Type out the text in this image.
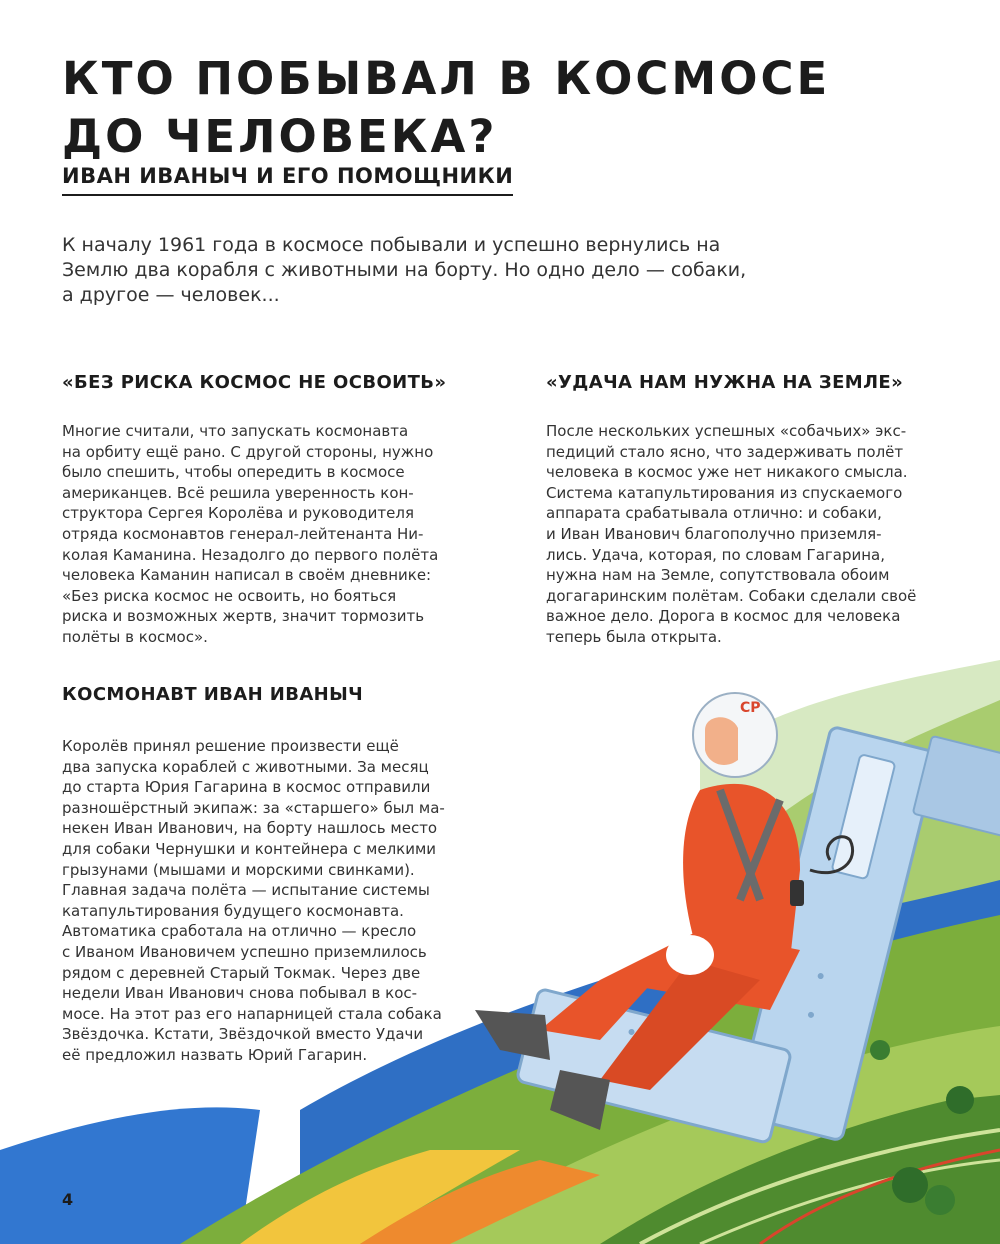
КТО ПОБЫВАЛ В КОСМОСЕ
ДО ЧЕЛОВЕКА?
ИВАН ИВАНЫЧ И ЕГО ПОМОЩНИКИ

К началу 1961 года в космосе побывали и успешно вернулись на Землю два корабля с животными на борту. Но одно дело — собаки, а другое — человек...

«БЕЗ РИСКА КОСМОС НЕ ОСВОИТЬ»

Многие считали, что запускать космонавта
на орбиту ещё рано. С другой стороны, нужно
было спешить, чтобы опередить в космосе
американцев. Всё решила уверенность кон-
структора Сергея Королёва и руководителя
отряда космонавтов генерал-лейтенанта Ни-
колая Каманина. Незадолго до первого полёта
человека Каманин написал в своём дневнике:
«Без риска космос не освоить, но бояться
риска и возможных жертв, значит тормозить
полёты в космос».

«УДАЧА НАМ НУЖНА НА ЗЕМЛЕ»

После нескольких успешных «собачьих» экс-
педиций стало ясно, что задерживать полёт
человека в космос уже нет никакого смысла.
Система катапультирования из спускаемого
аппарата срабатывала отлично: и собаки,
и Иван Иванович благополучно приземля-
лись. Удача, которая, по словам Гагарина,
нужна нам на Земле, сопутствовала обоим
догагаринским полётам. Собаки сделали своё
важное дело. Дорога в космос для человека
теперь была открыта.

КОСМОНАВТ ИВАН ИВАНЫЧ

Королёв принял решение произвести ещё
два запуска кораблей с животными. За месяц
до старта Юрия Гагарина в космос отправили
разношёрстный экипаж: за «старшего» был ма-
некен Иван Иванович, на борту нашлось место
для собаки Чернушки и контейнера с мелкими
грызунами (мышами и морскими свинками).
Главная задача полёта — испытание системы
катапультирования будущего космонавта.
Автоматика сработала на отлично — кресло
с Иваном Ивановичем успешно приземлилось
рядом с деревней Старый Токмак. Через две
недели Иван Иванович снова побывал в кос-
мосе. На этот раз его напарницей стала собака
Звёздочка. Кстати, Звёздочкой вместо Удачи
её предложил назвать Юрий Гагарин.

СР

4
